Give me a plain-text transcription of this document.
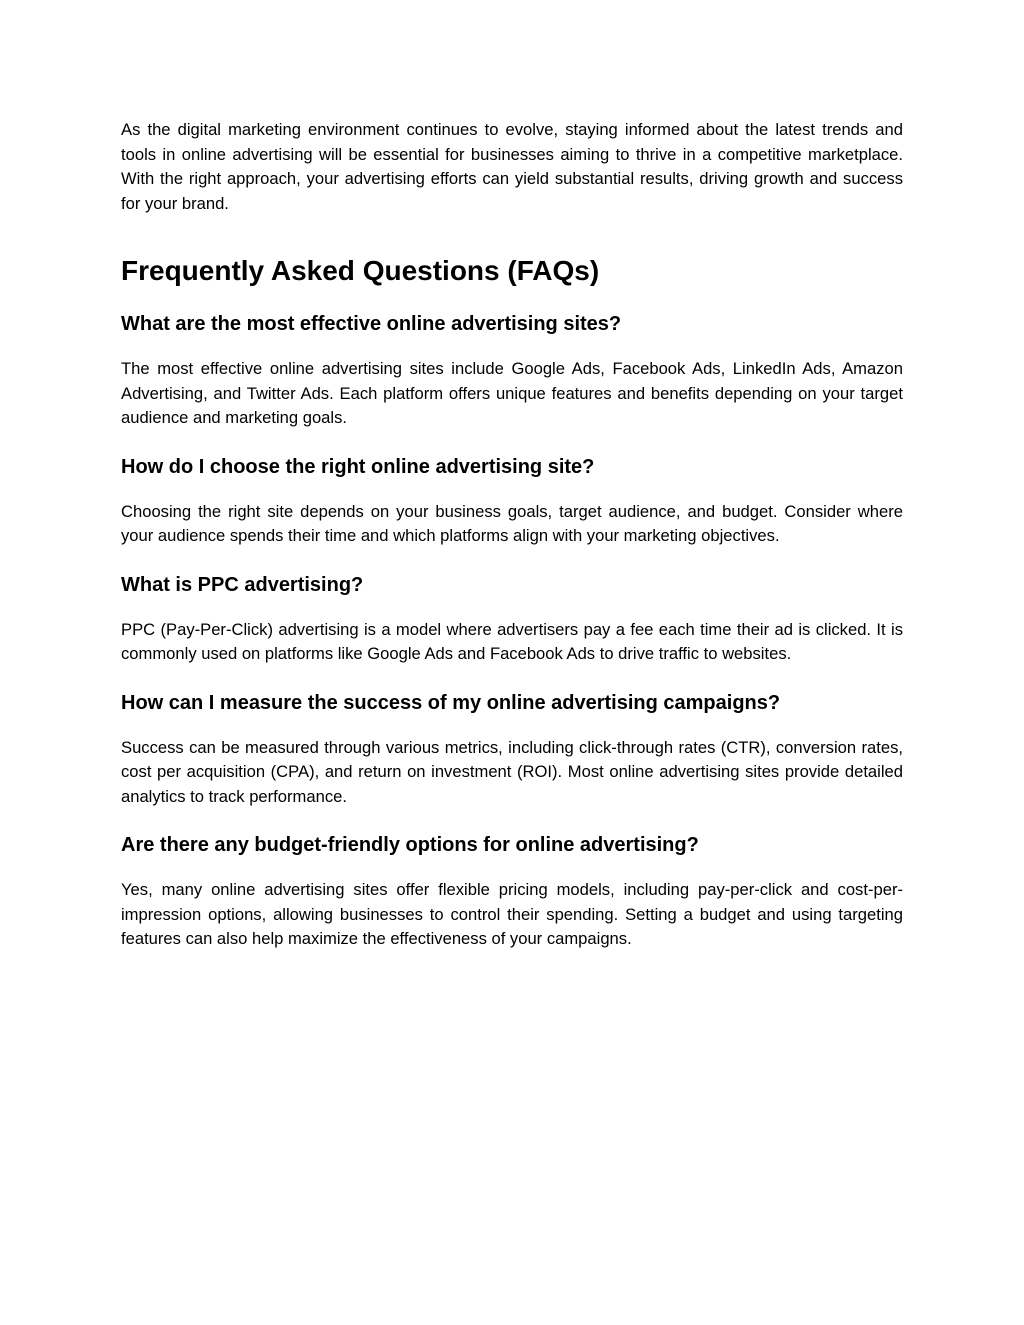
As the digital marketing environment continues to evolve, staying informed about the latest trends and tools in online advertising will be essential for businesses aiming to thrive in a competitive marketplace. With the right approach, your advertising efforts can yield substantial results, driving growth and success for your brand.

Frequently Asked Questions (FAQs)
What are the most effective online advertising sites?

The most effective online advertising sites include Google Ads, Facebook Ads, LinkedIn Ads, Amazon Advertising, and Twitter Ads. Each platform offers unique features and benefits depending on your target audience and marketing goals.

How do I choose the right online advertising site?

Choosing the right site depends on your business goals, target audience, and budget. Consider where your audience spends their time and which platforms align with your marketing objectives.

What is PPC advertising?

PPC (Pay-Per-Click) advertising is a model where advertisers pay a fee each time their ad is clicked. It is commonly used on platforms like Google Ads and Facebook Ads to drive traffic to websites.

How can I measure the success of my online advertising campaigns?

Success can be measured through various metrics, including click-through rates (CTR), conversion rates, cost per acquisition (CPA), and return on investment (ROI). Most online advertising sites provide detailed analytics to track performance.

Are there any budget-friendly options for online advertising?

Yes, many online advertising sites offer flexible pricing models, including pay-per-click and cost-per-impression options, allowing businesses to control their spending. Setting a budget and using targeting features can also help maximize the effectiveness of your campaigns.
